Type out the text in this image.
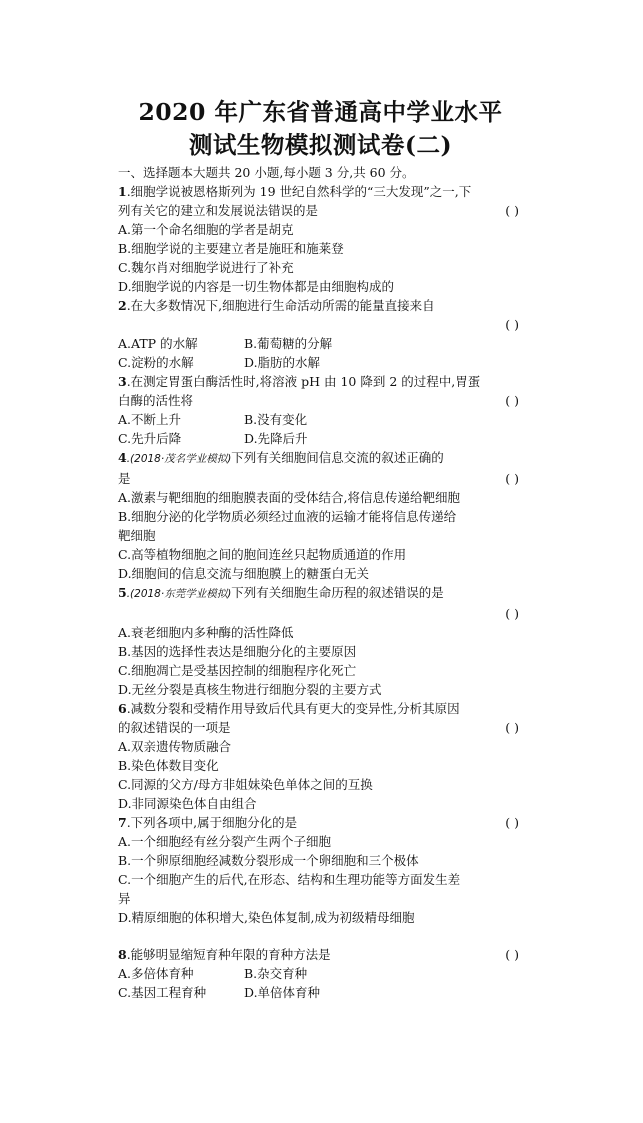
2020 年广东省普通高中学业水平
测试生物模拟测试卷(二)
一、选择题本大题共 20 小题,每小题 3 分,共 60 分。
1.细胞学说被恩格斯列为 19 世纪自然科学的“三大发现”之一,下
列有关它的建立和发展说法错误的是	( )
A.第一个命名细胞的学者是胡克
B.细胞学说的主要建立者是施旺和施莱登
C.魏尔肖对细胞学说进行了补充
D.细胞学说的内容是一切生物体都是由细胞构成的
2.在大多数情况下,细胞进行生命活动所需的能量直接来自
( )
A.ATP 的水解	B.葡萄糖的分解
C.淀粉的水解	D.脂肪的水解
3.在测定胃蛋白酶活性时,将溶液 pH 由 10 降到 2 的过程中,胃蛋
白酶的活性将	( )
A.不断上升	B.没有变化
C.先升后降	D.先降后升
4.(2018·茂名学业模拟)下列有关细胞间信息交流的叙述正确的
是	( )
A.激素与靶细胞的细胞膜表面的受体结合,将信息传递给靶细胞
B.细胞分泌的化学物质必须经过血液的运输才能将信息传递给
靶细胞
C.高等植物细胞之间的胞间连丝只起物质通道的作用
D.细胞间的信息交流与细胞膜上的糖蛋白无关
5.(2018·东莞学业模拟)下列有关细胞生命历程的叙述错误的是
( )
A.衰老细胞内多种酶的活性降低
B.基因的选择性表达是细胞分化的主要原因
C.细胞凋亡是受基因控制的细胞程序化死亡
D.无丝分裂是真核生物进行细胞分裂的主要方式
6.减数分裂和受精作用导致后代具有更大的变异性,分析其原因
的叙述错误的一项是	( )
A.双亲遗传物质融合
B.染色体数目变化
C.同源的父方/母方非姐妹染色单体之间的互换
D.非同源染色体自由组合
7.下列各项中,属于细胞分化的是	( )
A.一个细胞经有丝分裂产生两个子细胞
B.一个卵原细胞经减数分裂形成一个卵细胞和三个极体
C.一个细胞产生的后代,在形态、结构和生理功能等方面发生差
异
D.精原细胞的体积增大,染色体复制,成为初级精母细胞
8.能够明显缩短育种年限的育种方法是	( )
A.多倍体育种	B.杂交育种
C.基因工程育种	D.单倍体育种
